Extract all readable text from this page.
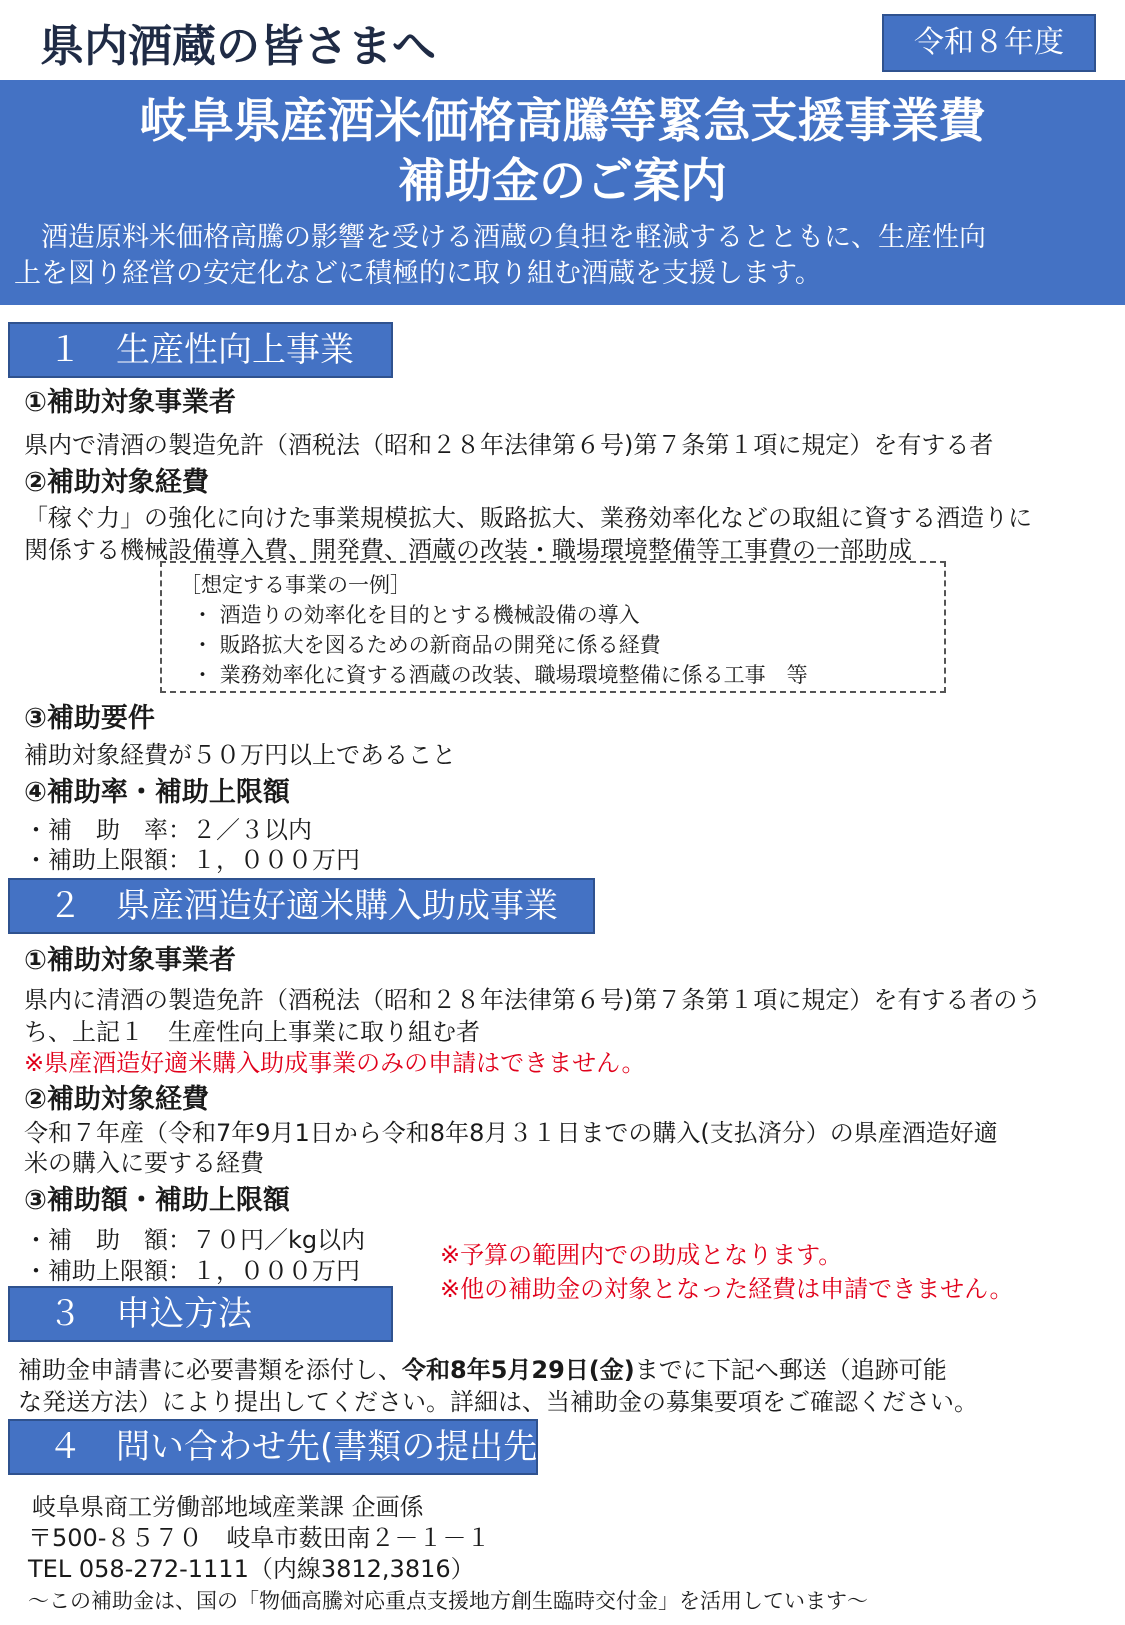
県内酒蔵の皆さまへ	令和８年度
岐阜県産酒米価格高騰等緊急支援事業費
補助金のご案内
　酒造原料米価格高騰の影響を受ける酒蔵の負担を軽減するとともに、生産性向
上を図り経営の安定化などに積極的に取り組む酒蔵を支援します。
１　生産性向上事業
①補助対象事業者
県内で清酒の製造免許（酒税法（昭和２８年法律第６号)第７条第１項に規定）を有する者
②補助対象経費
「稼ぐ力」の強化に向けた事業規模拡大、販路拡大、業務効率化などの取組に資する酒造りに
関係する機械設備導入費、開発費、酒蔵の改装・職場環境整備等工事費の一部助成
［想定する事業の一例］
・ 酒造りの効率化を目的とする機械設備の導入
・ 販路拡大を図るための新商品の開発に係る経費
・ 業務効率化に資する酒蔵の改装、職場環境整備に係る工事　等
③補助要件
補助対象経費が５０万円以上であること
④補助率・補助上限額
・補　助　率：２／３以内
・補助上限額：１，０００万円
２　県産酒造好適米購入助成事業
①補助対象事業者
県内に清酒の製造免許（酒税法（昭和２８年法律第６号)第７条第１項に規定）を有する者のう
ち、上記１　生産性向上事業に取り組む者
※県産酒造好適米購入助成事業のみの申請はできません。
②補助対象経費
令和７年産（令和7年9月1日から令和8年8月３１日までの購入(支払済分）の県産酒造好適
米の購入に要する経費
③補助額・補助上限額
・補　助　額：７０円／kg以内
・補助上限額：１，０００万円
※予算の範囲内での助成となります。
※他の補助金の対象となった経費は申請できません。
３　申込方法
補助金申請書に必要書類を添付し、令和8年5月29日(金)までに下記へ郵送（追跡可能
な発送方法）により提出してください。詳細は、当補助金の募集要項をご確認ください。
４　問い合わせ先(書類の提出先)
岐阜県商工労働部地域産業課 企画係
〒500-８５７０　岐阜市薮田南２－１－１
TEL 058-272-1111（内線3812,3816）
～この補助金は、国の「物価高騰対応重点支援地方創生臨時交付金」を活用しています～
